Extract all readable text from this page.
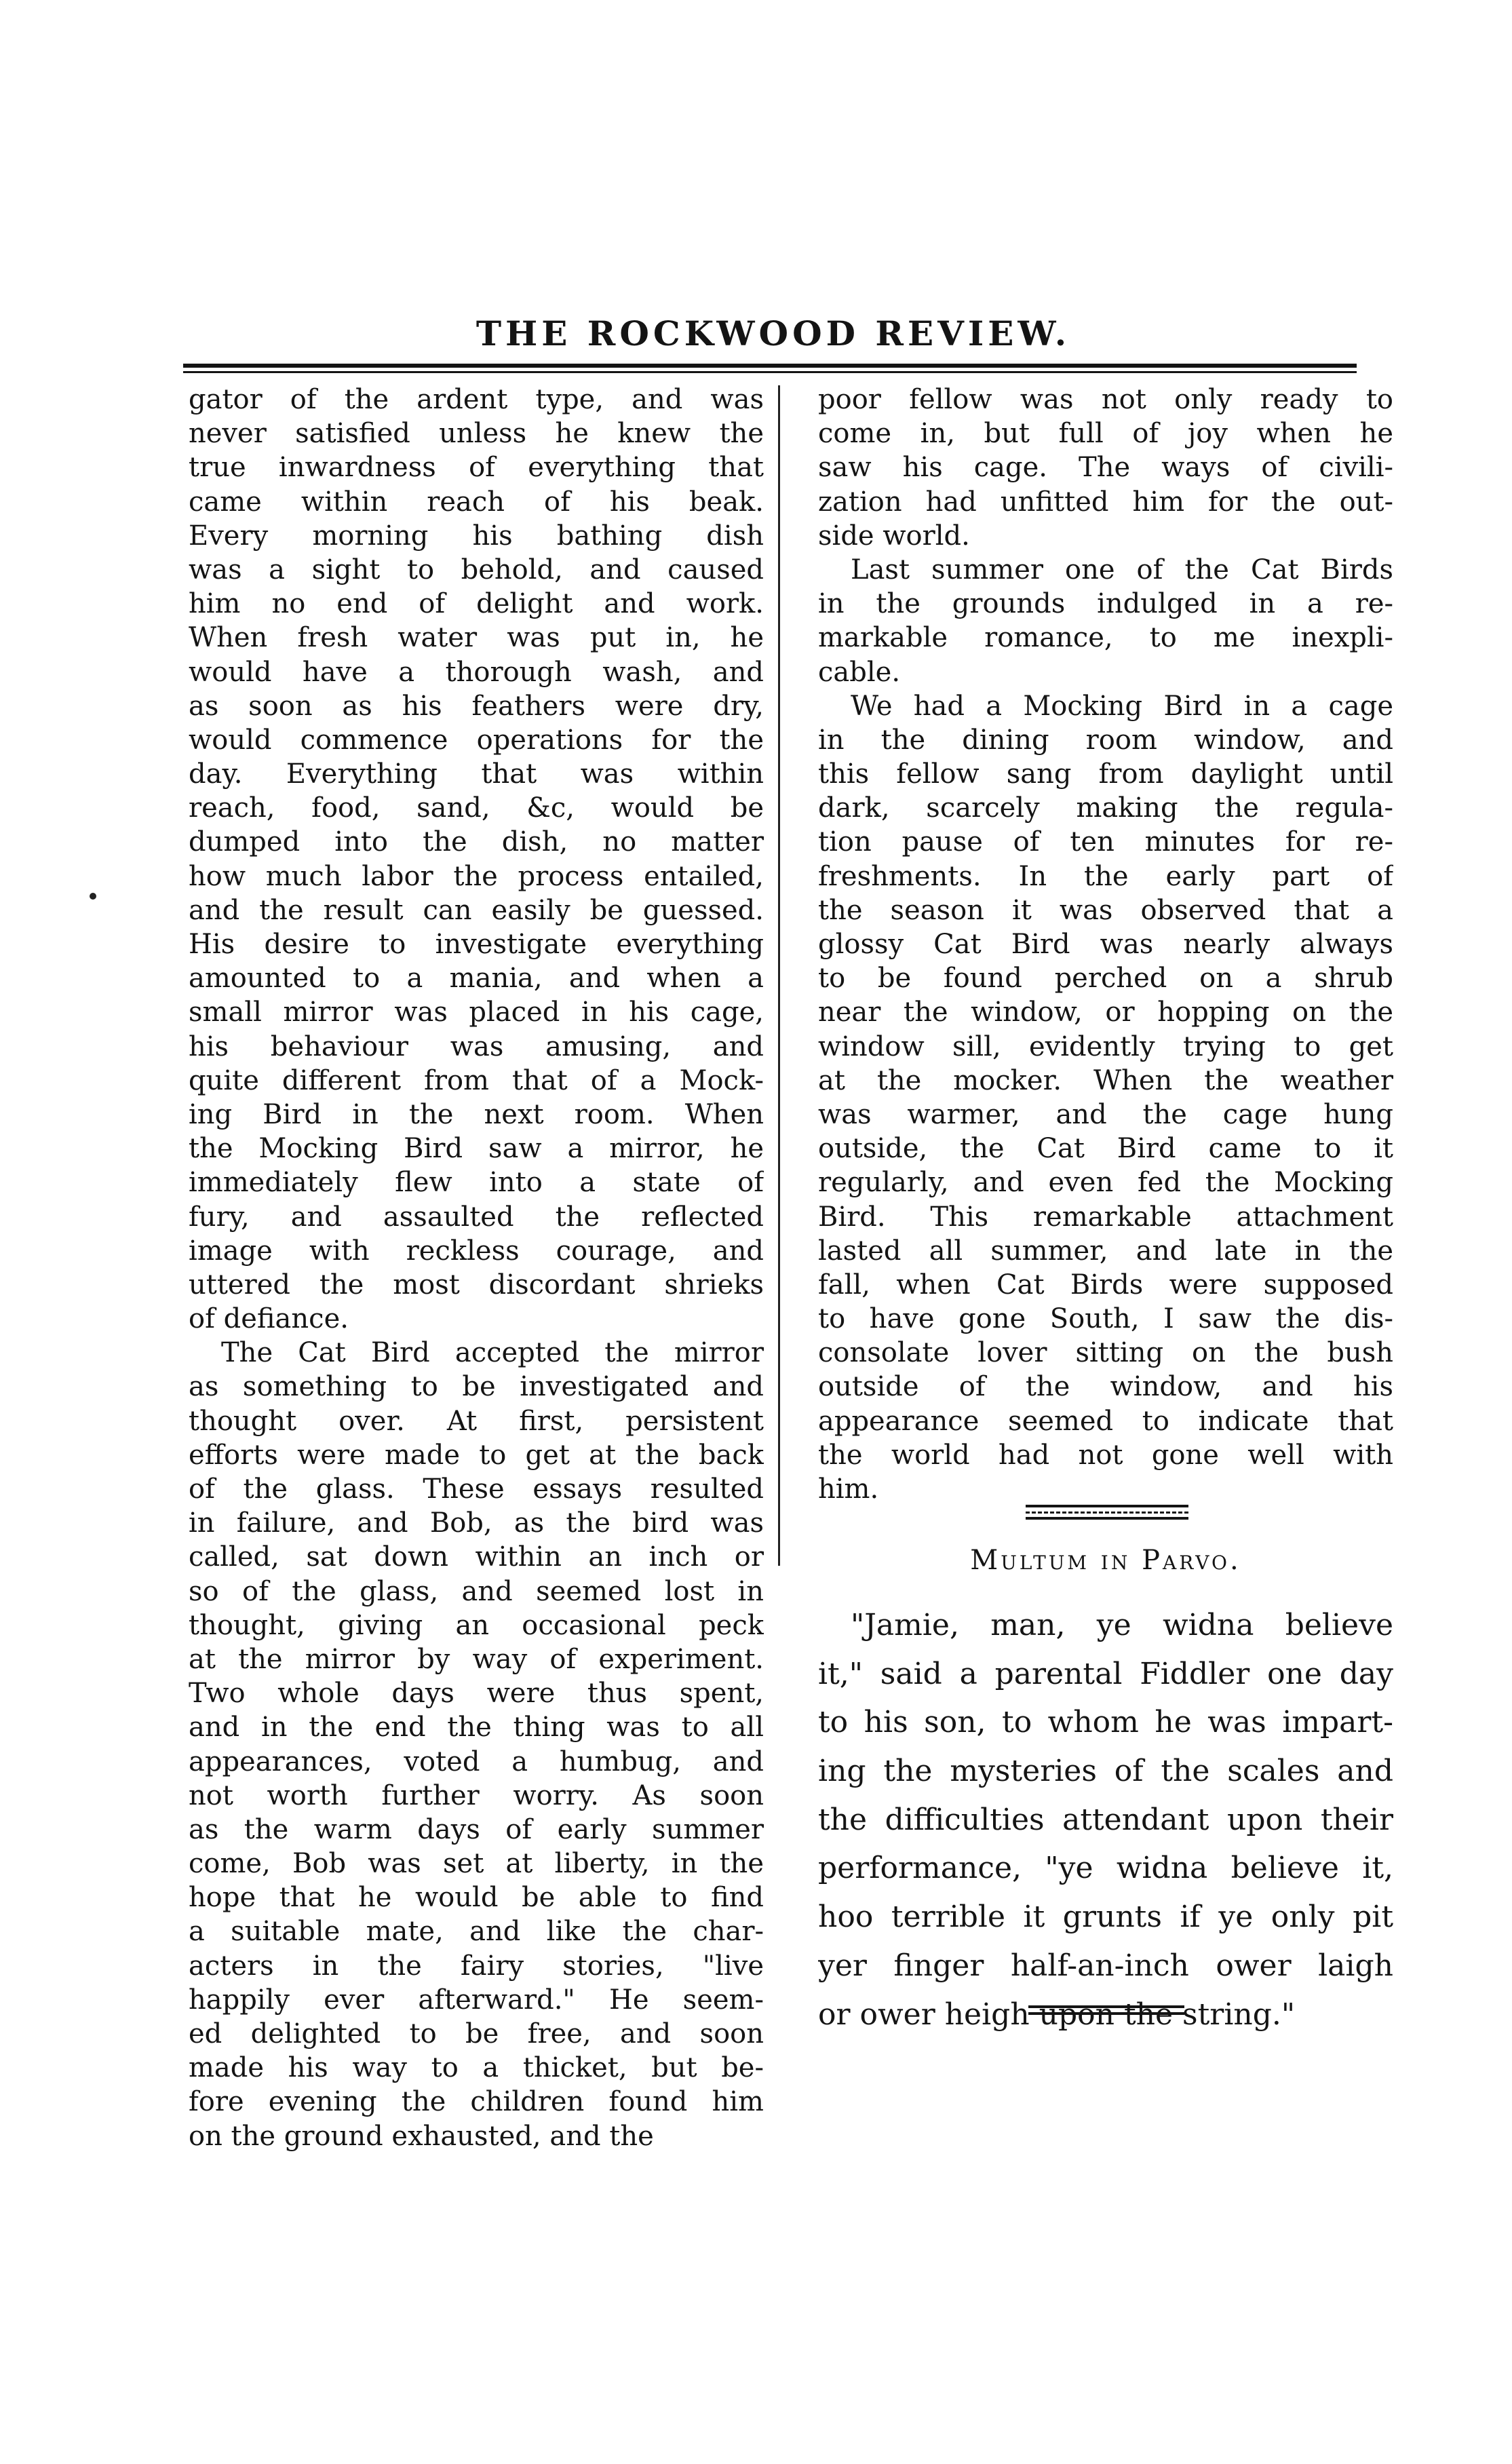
THE ROCKWOOD REVIEW.
gator of the ardent type, and was
never satisfied unless he knew the
true inwardness of everything that
came within reach of his beak.
Every morning his bathing dish
was a sight to behold, and caused
him no end of delight and work.
When fresh water was put in, he
would have a thorough wash, and
as soon as his feathers were dry,
would commence operations for the
day. Everything that was within
reach, food, sand, &c, would be
dumped into the dish, no matter
how much labor the process entailed,
and the result can easily be guessed.
His desire to investigate everything
amounted to a mania, and when a
small mirror was placed in his cage,
his behaviour was amusing, and
quite different from that of a Mock-
ing Bird in the next room. When
the Mocking Bird saw a mirror, he
immediately flew into a state of
fury, and assaulted the reflected
image with reckless courage, and
uttered the most discordant shrieks
of defiance.
The Cat Bird accepted the mirror
as something to be investigated and
thought over. At first, persistent
efforts were made to get at the back
of the glass. These essays resulted
in failure, and Bob, as the bird was
called, sat down within an inch or
so of the glass, and seemed lost in
thought, giving an occasional peck
at the mirror by way of experiment.
Two whole days were thus spent,
and in the end the thing was to all
appearances, voted a humbug, and
not worth further worry. As soon
as the warm days of early summer
come, Bob was set at liberty, in the
hope that he would be able to find
a suitable mate, and like the char-
acters in the fairy stories, "live
happily ever afterward." He seem-
ed delighted to be free, and soon
made his way to a thicket, but be-
fore evening the children found him
on the ground exhausted, and the
poor fellow was not only ready to
come in, but full of joy when he
saw his cage. The ways of civili-
zation had unfitted him for the out-
side world.
Last summer one of the Cat Birds
in the grounds indulged in a re-
markable romance, to me inexpli-
cable.
We had a Mocking Bird in a cage
in the dining room window, and
this fellow sang from daylight until
dark, scarcely making the regula-
tion pause of ten minutes for re-
freshments. In the early part of
the season it was observed that a
glossy Cat Bird was nearly always
to be found perched on a shrub
near the window, or hopping on the
window sill, evidently trying to get
at the mocker. When the weather
was warmer, and the cage hung
outside, the Cat Bird came to it
regularly, and even fed the Mocking
Bird. This remarkable attachment
lasted all summer, and late in the
fall, when Cat Birds were supposed
to have gone South, I saw the dis-
consolate lover sitting on the bush
outside of the window, and his
appearance seemed to indicate that
the world had not gone well with
him.
Multum in Parvo.
"Jamie, man, ye widna believe
it," said a parental Fiddler one day
to his son, to whom he was impart-
ing the mysteries of the scales and
the difficulties attendant upon their
performance, "ye widna believe it,
hoo terrible it grunts if ye only pit
yer finger half-an-inch ower laigh
or ower heigh upon the string."
